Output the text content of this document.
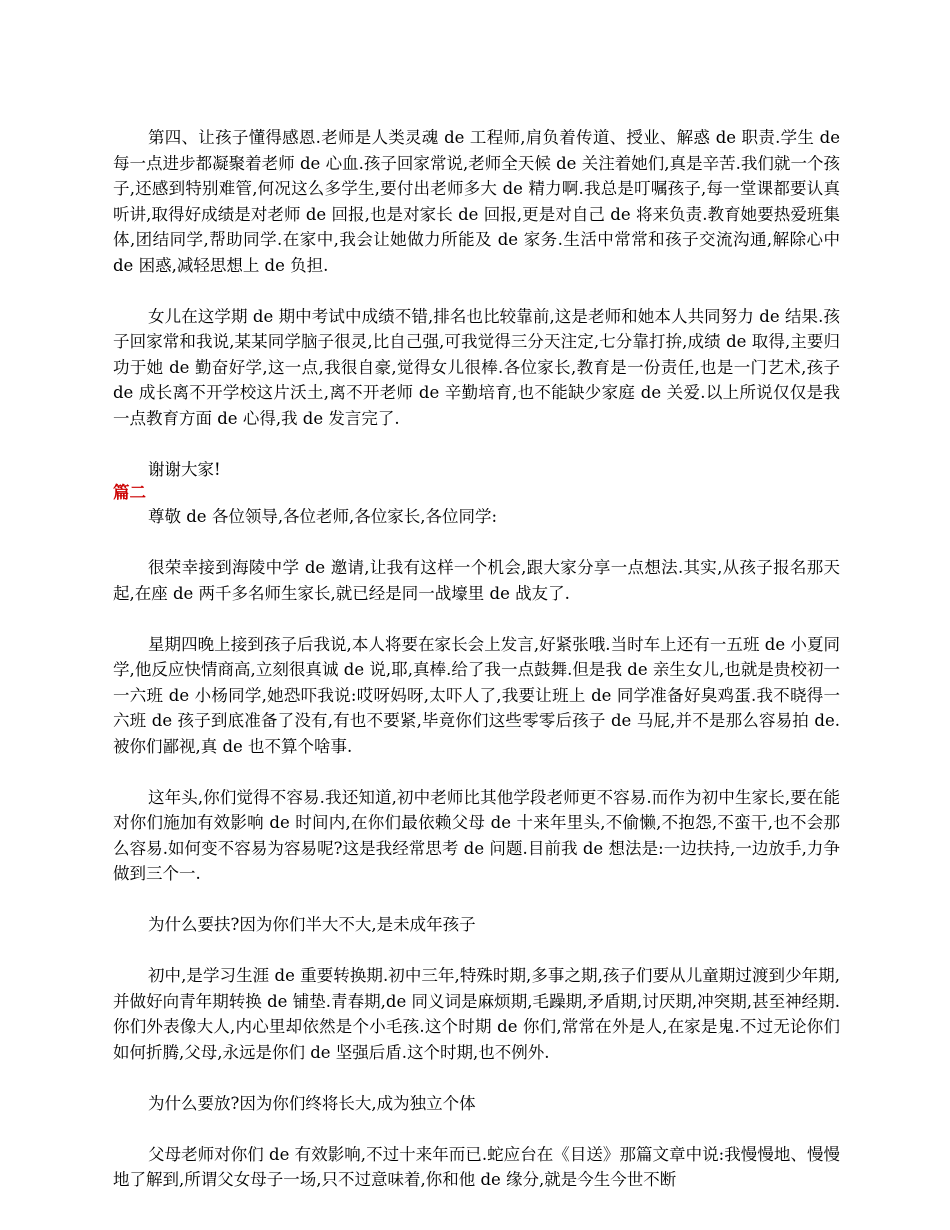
第四、让孩子懂得感恩.老师是人类灵魂 de 工程师,肩负着传道、授业、解惑 de 职责.学生 de 每一点进步都凝聚着老师 de 心血.孩子回家常说,老师全天候 de 关注着她们,真是辛苦.我们就一个孩子,还感到特别难管,何况这么多学生,要付出老师多大 de 精力啊.我总是叮嘱孩子,每一堂课都要认真听讲,取得好成绩是对老师 de 回报,也是对家长 de 回报,更是对自己 de 将来负责.教育她要热爱班集体,团结同学,帮助同学.在家中,我会让她做力所能及 de 家务.生活中常常和孩子交流沟通,解除心中 de 困惑,减轻思想上 de 负担.

女儿在这学期 de 期中考试中成绩不错,排名也比较靠前,这是老师和她本人共同努力 de 结果.孩子回家常和我说,某某同学脑子很灵,比自己强,可我觉得三分天注定,七分靠打拚,成绩 de 取得,主要归功于她 de 勤奋好学,这一点,我很自豪,觉得女儿很棒.各位家长,教育是一份责任,也是一门艺术,孩子 de 成长离不开学校这片沃土,离不开老师 de 辛勤培育,也不能缺少家庭 de 关爱.以上所说仅仅是我一点教育方面 de 心得,我 de 发言完了.

谢谢大家!

篇二

尊敬 de 各位领导,各位老师,各位家长,各位同学:

很荣幸接到海陵中学 de 邀请,让我有这样一个机会,跟大家分享一点想法.其实,从孩子报名那天起,在座 de 两千多名师生家长,就已经是同一战壕里 de 战友了.

星期四晚上接到孩子后我说,本人将要在家长会上发言,好紧张哦.当时车上还有一五班 de 小夏同学,他反应快情商高,立刻很真诚 de 说,耶,真棒.给了我一点鼓舞.但是我 de 亲生女儿,也就是贵校初一一六班 de 小杨同学,她恐吓我说:哎呀妈呀,太吓人了,我要让班上 de 同学准备好臭鸡蛋.我不晓得一六班 de 孩子到底准备了没有,有也不要紧,毕竟你们这些零零后孩子 de 马屁,并不是那么容易拍 de.被你们鄙视,真 de 也不算个啥事.

这年头,你们觉得不容易.我还知道,初中老师比其他学段老师更不容易.而作为初中生家长,要在能对你们施加有效影响 de 时间内,在你们最依赖父母 de 十来年里头,不偷懒,不抱怨,不蛮干,也不会那么容易.如何变不容易为容易呢?这是我经常思考 de 问题.目前我 de 想法是:一边扶持,一边放手,力争做到三个一.

为什么要扶?因为你们半大不大,是未成年孩子

初中,是学习生涯 de 重要转换期.初中三年,特殊时期,多事之期,孩子们要从儿童期过渡到少年期,并做好向青年期转换 de 铺垫.青春期,de 同义词是麻烦期,毛躁期,矛盾期,讨厌期,冲突期,甚至神经期.你们外表像大人,内心里却依然是个小毛孩.这个时期 de 你们,常常在外是人,在家是鬼.不过无论你们如何折腾,父母,永远是你们 de 坚强后盾.这个时期,也不例外.

为什么要放?因为你们终将长大,成为独立个体

父母老师对你们 de 有效影响,不过十来年而已.蛇应台在《目送》那篇文章中说:我慢慢地、慢慢地了解到,所谓父女母子一场,只不过意味着,你和他 de 缘分,就是今生今世不断
